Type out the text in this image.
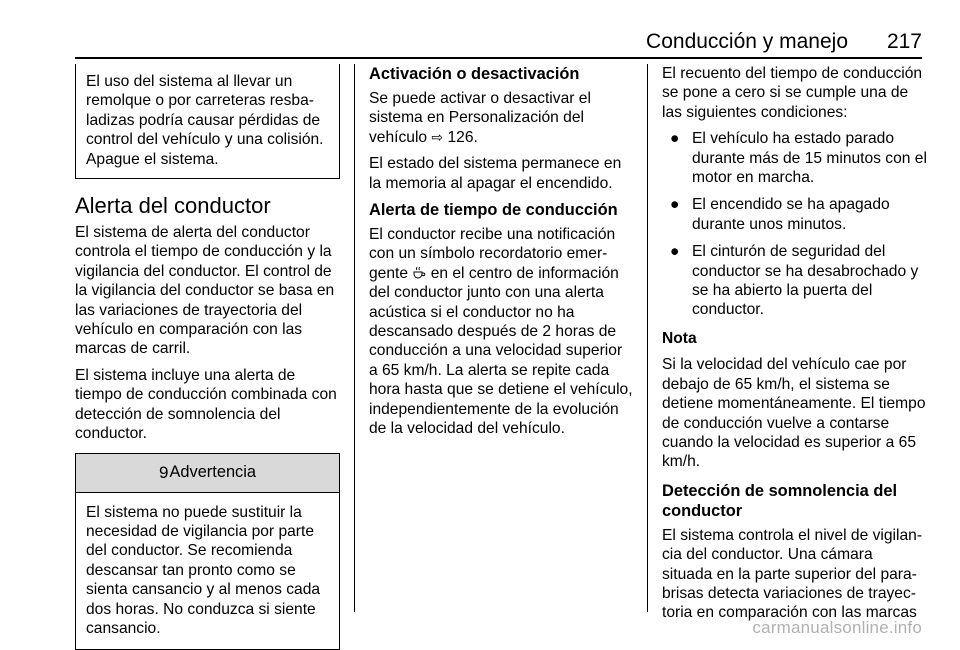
Conducción y manejo 217

El uso del sistema al llevar un remolque o por carreteras resba-ladizas podría causar pérdidas de control del vehículo y una colisión. Apague el sistema.

Alerta del conductor

El sistema de alerta del conductor controla el tiempo de conducción y la vigilancia del conductor. El control de la vigilancia del conductor se basa en las variaciones de trayectoria del vehículo en comparación con las marcas de carril.

El sistema incluye una alerta de tiempo de conducción combinada con detección de somnolencia del conductor.

9 Advertencia

El sistema no puede sustituir la necesidad de vigilancia por parte del conductor. Se recomienda descansar tan pronto como se sienta cansancio y al menos cada dos horas. No conduzca si siente cansancio.

Activación o desactivación

Se puede activar o desactivar el sistema en Personalización del vehículo ⇨ 126.

El estado del sistema permanece en la memoria al apagar el encendido.

Alerta de tiempo de conducción

El conductor recibe una notificación con un símbolo recordatorio emer-gente  en el centro de información del conductor junto con una alerta acústica si el conductor no ha descansado después de 2 horas de conducción a una velocidad superior a 65 km/h. La alerta se repite cada hora hasta que se detiene el vehículo, independientemente de la evolución de la velocidad del vehículo.

El recuento del tiempo de conducción se pone a cero si se cumple una de las siguientes condiciones:

● El vehículo ha estado parado durante más de 15 minutos con el motor en marcha.
● El encendido se ha apagado durante unos minutos.
● El cinturón de seguridad del conductor se ha desabrochado y se ha abierto la puerta del conductor.

Nota

Si la velocidad del vehículo cae por debajo de 65 km/h, el sistema se detiene momentáneamente. El tiempo de conducción vuelve a contarse cuando la velocidad es superior a 65 km/h.

Detección de somnolencia del conductor

El sistema controla el nivel de vigilan-cia del conductor. Una cámara situada en la parte superior del para-brisas detecta variaciones de trayec-toria en comparación con las marcas

carmanualsonline.info
